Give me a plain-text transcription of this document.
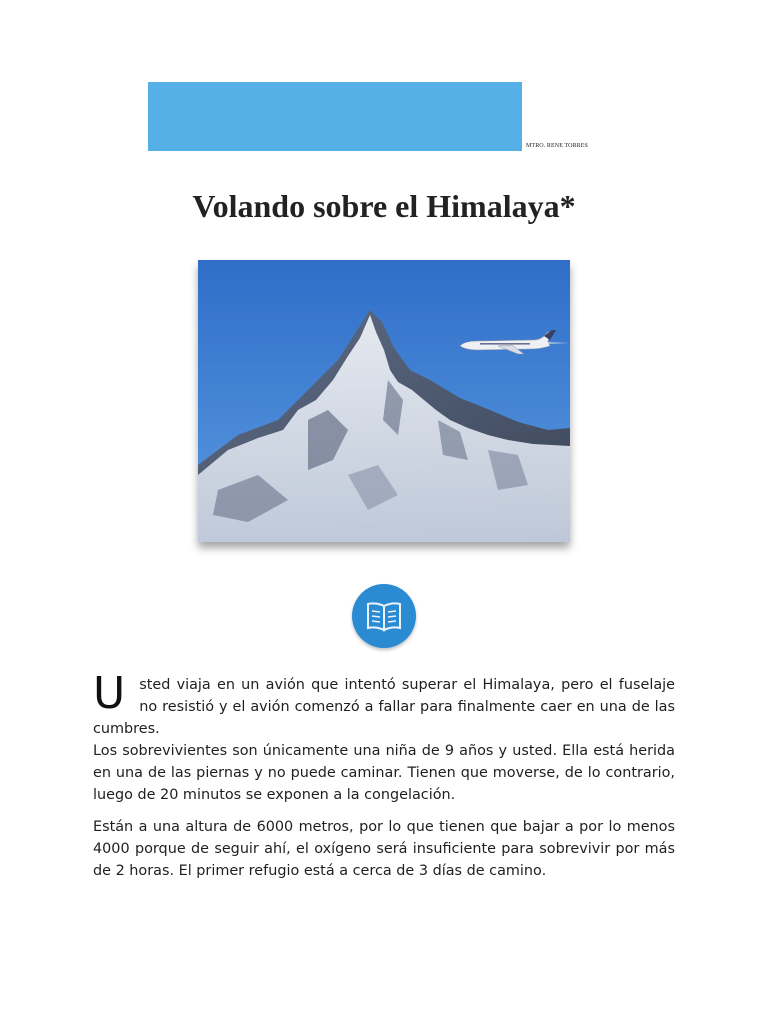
MTRO. RENE TORRES
Volando sobre el Himalaya*

Usted viaja en un avión que intentó superar el Himalaya, pero el fuselaje no resistió y el avión comenzó a fallar para finalmente caer en una de las cumbres.

Los sobrevivientes son únicamente una niña de 9 años y usted. Ella está herida en una de las piernas y no puede caminar. Tienen que moverse, de lo contrario, luego de 20 minutos se exponen a la congelación.

Están a una altura de 6000 metros, por lo que tienen que bajar a por lo menos 4000 porque de seguir ahí, el oxígeno será insuficiente para sobrevivir por más de 2 horas. El primer refugio está a cerca de 3 días de camino.
